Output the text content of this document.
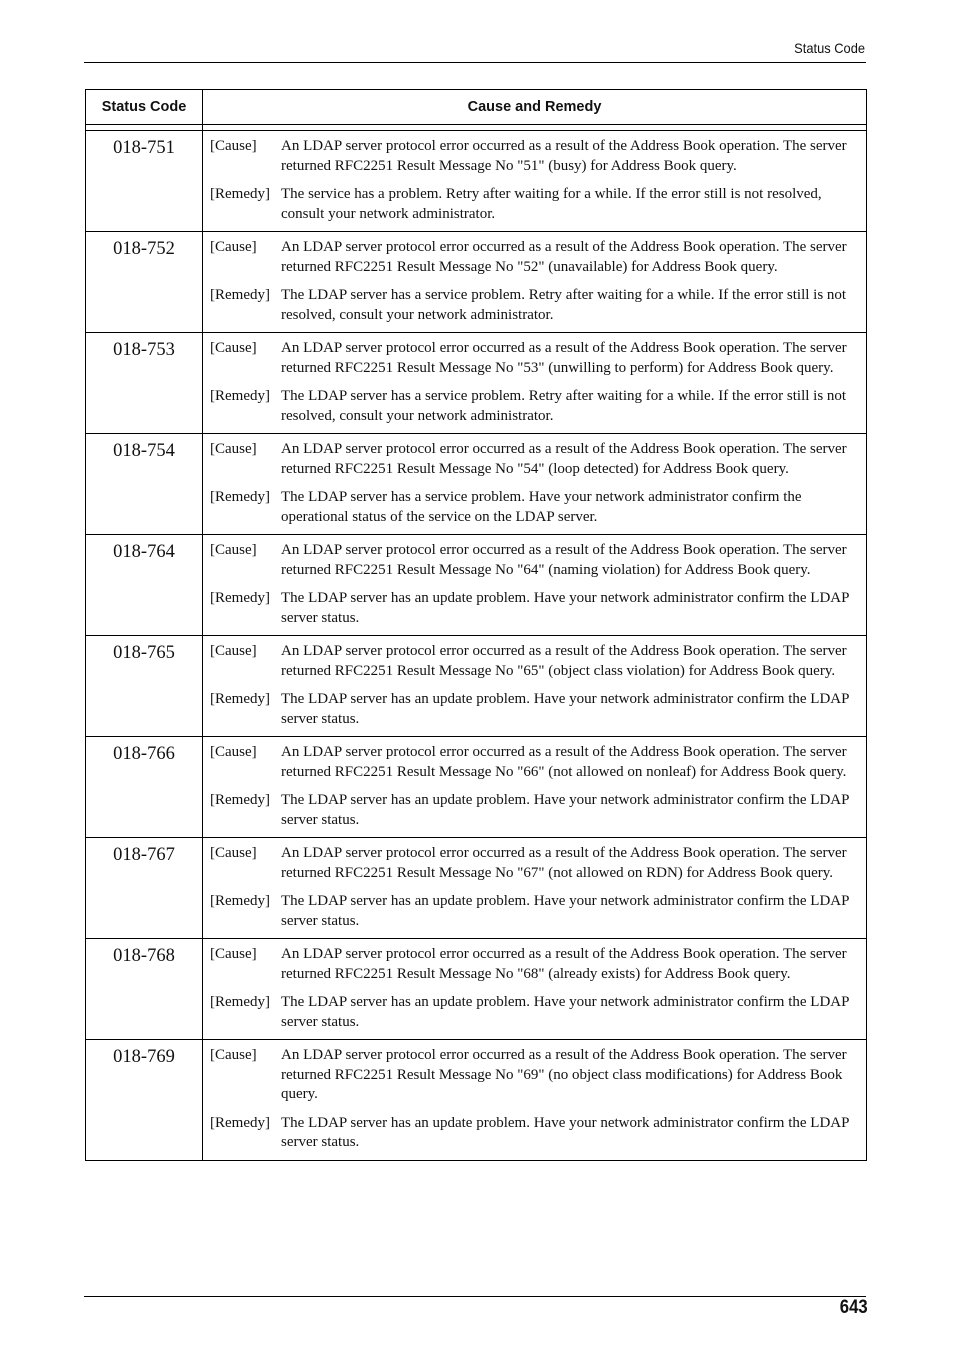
Status Code
Status Code	Cause and Remedy

018-751	[Cause] An LDAP server protocol error occurred as a result of the Address Book operation. The server returned RFC2251 Result Message No "51" (busy) for Address Book query.
[Remedy] The service has a problem. Retry after waiting for a while. If the error still is not resolved, consult your network administrator.

018-752	[Cause] An LDAP server protocol error occurred as a result of the Address Book operation. The server returned RFC2251 Result Message No "52" (unavailable) for Address Book query.
[Remedy] The LDAP server has a service problem. Retry after waiting for a while. If the error still is not resolved, consult your network administrator.

018-753	[Cause] An LDAP server protocol error occurred as a result of the Address Book operation. The server returned RFC2251 Result Message No "53" (unwilling to perform) for Address Book query.
[Remedy] The LDAP server has a service problem. Retry after waiting for a while. If the error still is not resolved, consult your network administrator.

018-754	[Cause] An LDAP server protocol error occurred as a result of the Address Book operation. The server returned RFC2251 Result Message No "54" (loop detected) for Address Book query.
[Remedy] The LDAP server has a service problem. Have your network administrator confirm the operational status of the service on the LDAP server.

018-764	[Cause] An LDAP server protocol error occurred as a result of the Address Book operation. The server returned RFC2251 Result Message No "64" (naming violation) for Address Book query.
[Remedy] The LDAP server has an update problem. Have your network administrator confirm the LDAP server status.

018-765	[Cause] An LDAP server protocol error occurred as a result of the Address Book operation. The server returned RFC2251 Result Message No "65" (object class violation) for Address Book query.
[Remedy] The LDAP server has an update problem. Have your network administrator confirm the LDAP server status.

018-766	[Cause] An LDAP server protocol error occurred as a result of the Address Book operation. The server returned RFC2251 Result Message No "66" (not allowed on nonleaf) for Address Book query.
[Remedy] The LDAP server has an update problem. Have your network administrator confirm the LDAP server status.

018-767	[Cause] An LDAP server protocol error occurred as a result of the Address Book operation. The server returned RFC2251 Result Message No "67" (not allowed on RDN) for Address Book query.
[Remedy] The LDAP server has an update problem. Have your network administrator confirm the LDAP server status.

018-768	[Cause] An LDAP server protocol error occurred as a result of the Address Book operation. The server returned RFC2251 Result Message No "68" (already exists) for Address Book query.
[Remedy] The LDAP server has an update problem. Have your network administrator confirm the LDAP server status.

018-769	[Cause] An LDAP server protocol error occurred as a result of the Address Book operation. The server returned RFC2251 Result Message No "69" (no object class modifications) for Address Book query.
[Remedy] The LDAP server has an update problem. Have your network administrator confirm the LDAP server status.
643
